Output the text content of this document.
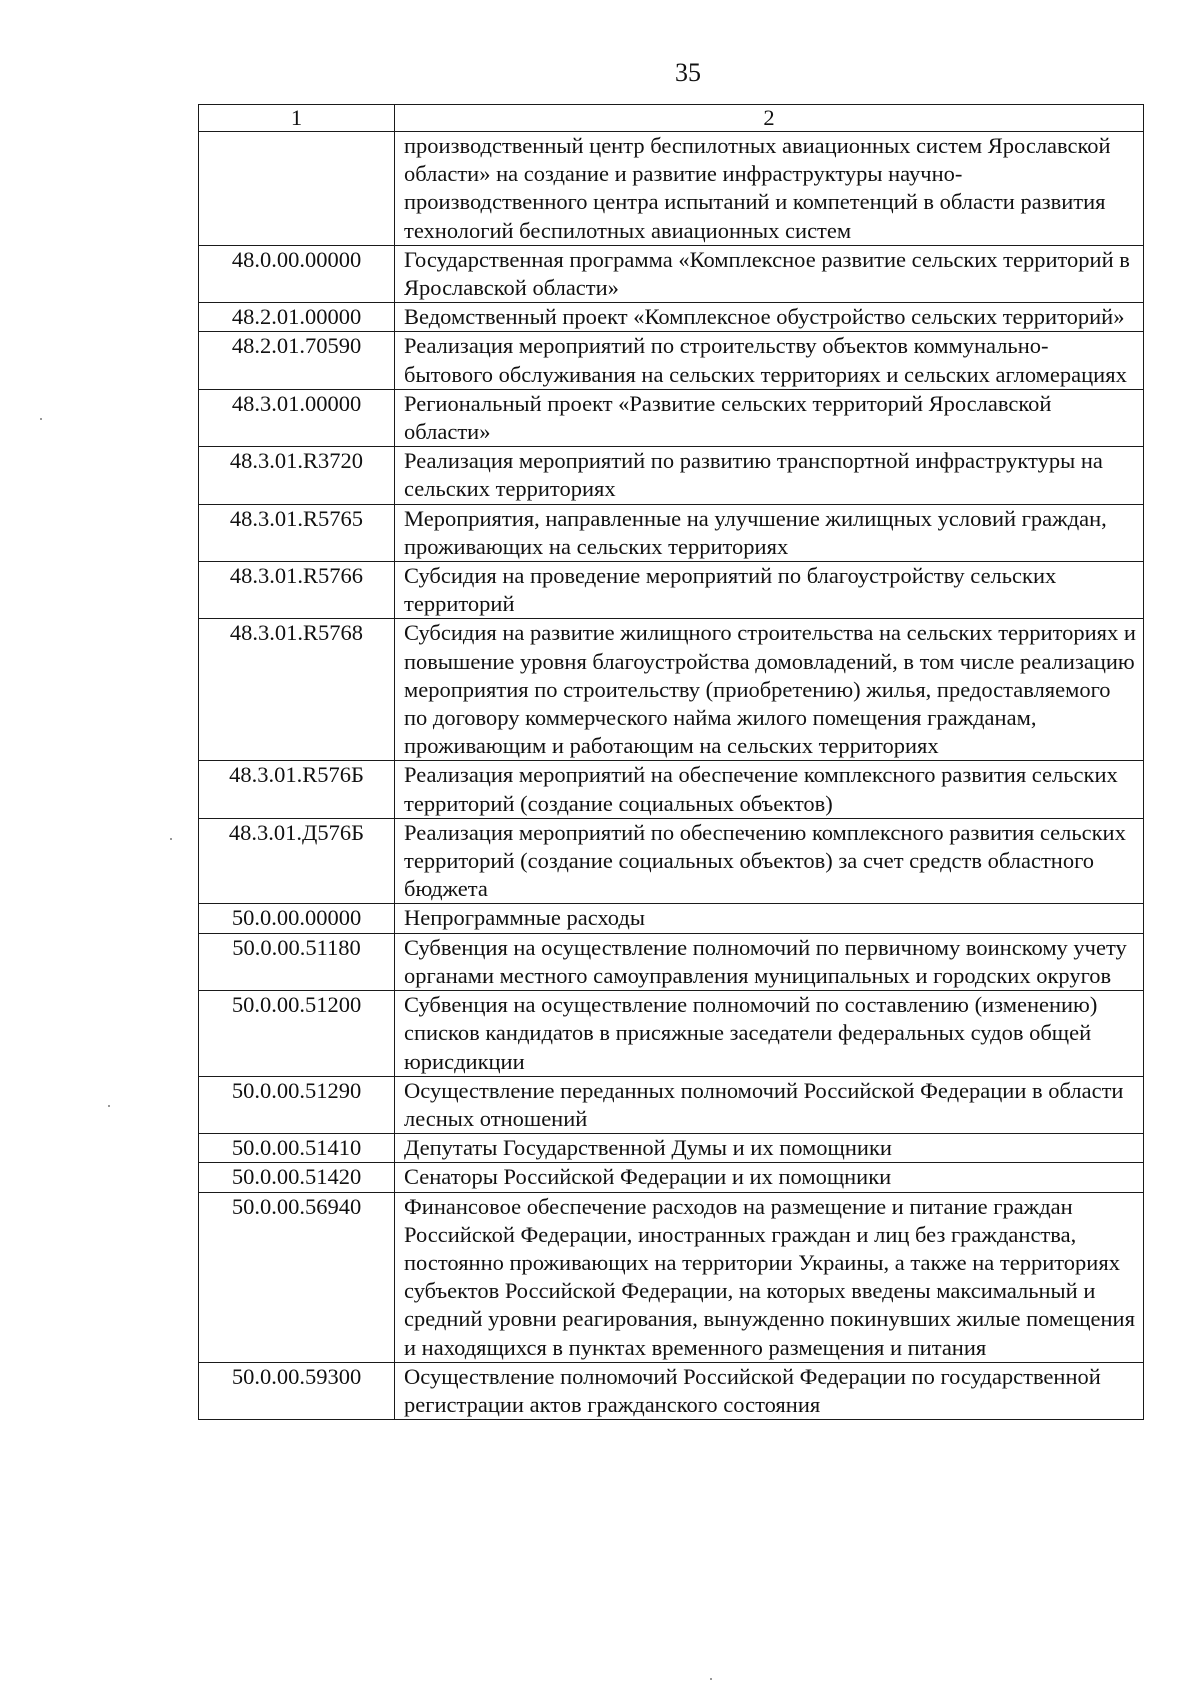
35
1	2
	производственный центр беспилотных авиационных систем Ярославской области» на создание и развитие инфраструктуры научно-производственного центра испытаний и компетенций в области развития технологий беспилотных авиационных систем
48.0.00.00000	Государственная программа «Комплексное развитие сельских территорий в Ярославской области»
48.2.01.00000	Ведомственный проект «Комплексное обустройство сельских территорий»
48.2.01.70590	Реализация мероприятий по строительству объектов коммунально-бытового обслуживания на сельских территориях и сельских агломерациях
48.3.01.00000	Региональный проект «Развитие сельских территорий Ярославской области»
48.3.01.R3720	Реализация мероприятий по развитию транспортной инфраструктуры на сельских территориях
48.3.01.R5765	Мероприятия, направленные на улучшение жилищных условий граждан, проживающих на сельских территориях
48.3.01.R5766	Субсидия на проведение мероприятий по благоустройству сельских территорий
48.3.01.R5768	Субсидия на развитие жилищного строительства на сельских территориях и повышение уровня благоустройства домовладений, в том числе реализацию мероприятия по строительству (приобретению) жилья, предоставляемого по договору коммерческого найма жилого помещения гражданам, проживающим и работающим на сельских территориях
48.3.01.R576Б	Реализация мероприятий на обеспечение комплексного развития сельских территорий (создание социальных объектов)
48.3.01.Д576Б	Реализация мероприятий по обеспечению комплексного развития сельских территорий (создание социальных объектов) за счет средств областного бюджета
50.0.00.00000	Непрограммные расходы
50.0.00.51180	Субвенция на осуществление полномочий по первичному воинскому учету органами местного самоуправления муниципальных и городских округов
50.0.00.51200	Субвенция на осуществление полномочий по составлению (изменению) списков кандидатов в присяжные заседатели федеральных судов общей юрисдикции
50.0.00.51290	Осуществление переданных полномочий Российской Федерации в области лесных отношений
50.0.00.51410	Депутаты Государственной Думы и их помощники
50.0.00.51420	Сенаторы Российской Федерации и их помощники
50.0.00.56940	Финансовое обеспечение расходов на размещение и питание граждан Российской Федерации, иностранных граждан и лиц без гражданства, постоянно проживающих на территории Украины, а также на территориях субъектов Российской Федерации, на которых введены максимальный и средний уровни реагирования, вынужденно покинувших жилые помещения и находящихся в пунктах временного размещения и питания
50.0.00.59300	Осуществление полномочий Российской Федерации по государственной регистрации актов гражданского состояния
